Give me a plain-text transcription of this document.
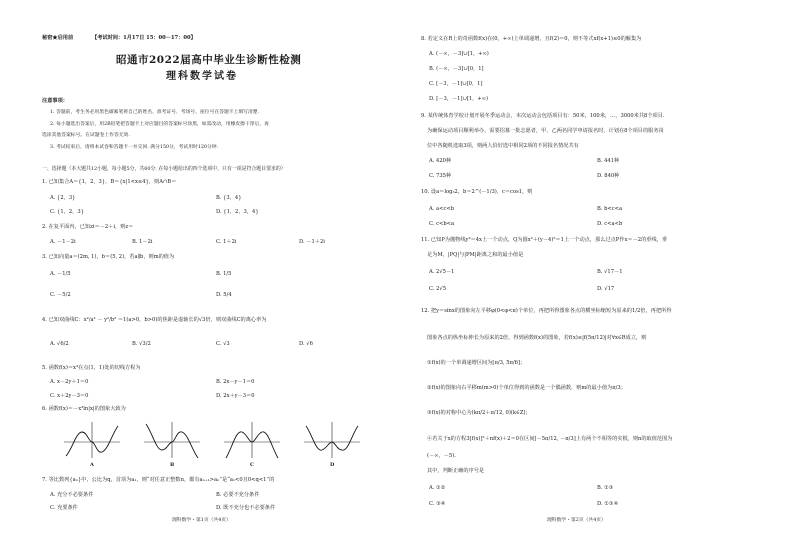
秘密★启用前	【考试时间：1月17日 15：00－17：00】
昭通市2022届高中毕业生诊断性检测
理科数学试卷
注意事项：
1. 答题前，考生务必用黑色碳素笔将自己的姓名、准考证号、考场号、座位号在答题卡上填写清楚.
2. 每小题选出答案后，用2B铅笔把答题卡上对应题目的答案标号涂黑，如需改动，用橡皮擦干净后，再
选涂其他答案标号。在试题卷上作答无效.
3. 考试结束后，请将本试卷和答题卡一并交回. 满分150分，考试用时120分钟.
一、选择题（本大题共12小题，每小题5分，共60分. 在每小题给出的四个选项中，只有一项是符合题目要求的）
1. 已知集合A＝{1，2，3}，B＝{x|1<x≤4}，则A∩B＝
A. {2，3}	B. {3，4}
C. {1，2，3}	D. {1，2，3，4}
2. 在复平面内，已知zi＝－2＋i，则z＝
A. －1－2i	B. 1－2i	C. 1＋2i	D. －1＋2i
3. 已知向量a＝(2m, 1)，b＝(5, 2)，若a∥b，则m的值为
A. －1/5	B. 1/5
C. －5/2	D. 5/4
4. 已知双曲线C：x²/a² － y²/b² ＝1(a>0，b>0)的焦距是虚轴长的√3倍，则双曲线C的离心率为
A. √6/2	B. √3/2	C. √3	D. √6
5. 函数f(x)＝x³在点(1，1)处的切线方程为
A. x－2y＋1＝0	B. 2x－y－1＝0
C. x＋2y－3＝0	D. 2x＋y－3＝0
6. 函数f(x)＝－x³ln|x|的图象大致为
A	B	C	D
7. 等比数列{aₙ}中，公比为q，首项为a₁，则“对任意正整数n，都有aₙ₊₁>aₙ”是“a₁<0且0<q<1”的
A. 充分不必要条件	B. 必要不充分条件
C. 充要条件	D. 既不充分也不必要条件
理科数学・第1页（共4页）
8. 若定义在R上的奇函数f(x)在(0，+∞)上单调递增，且f(2)＝0，则不等式xf(x+1)≤0的解集为
A. (－∞，－3]∪[1，+∞)
B. (－∞，－3]∪[0，1]
C. [－3，－1]∪[0，1]
D. [－3，－1]∪[1，+∞)
9. 某传统体育学校计划开展冬季运动会，本次运动会包括项目有：50米，100米，…，3000米共8个项目.
为确保运动项目顺利举办，需要招募一批志愿者，甲、乙两名同学申请报名时，计划在8个项目的服务岗
位中各随机选取3项，则两人恰好选中相同2项的不同报名情况共有
A. 420种	B. 441种
C. 735种	D. 840种
10. 设a＝log₃2，b＝2^(－1/3)，c＝cos1，则
A. a<c<b	B. b<c<a
C. c<b<a	D. c<a<b
11. 已知P为抛物线y²＝4x上一个动点，Q为圆x²＋(y－4)²＝1上一个动点，那么过点P作x＝－2的垂线，垂
足为M，|PQ|与|PM|距离之和的最小值是
A. 2√5－1	B. √17－1
C. 2√5	D. √17
12. 把y＝sinx的图象向左平移φ(0<φ<π)个单位，再把所得图象各点的横坐标缩短为原来的1/2倍，再把所得
图象各点的纵坐标伸长为原来的2倍，得到函数f(x)的图象，若f(x)≤|f(5π/12)|对∀x∈R成立，则
①f(x)的一个单调递增区间为[π/3, 5π/6]；
②f(x)的图象向右平移m(m>0)个单位得到的函数是一个偶函数，则m的最小值为π/3；
③f(x)的对称中心为(kπ/2＋π/12, 0)(k∈Z)；
④若关于x的方程3[f(x)]²＋nf(x)＋2＝0在区间[－5π/12, －π/3]上有两个不相等的实根，则n的取值范围为
(－∞，－5).
其中，判断正确的序号是
A. ①②	B. ①③
C. ③④	D. ①③④
理科数学・第2页（共4页）
